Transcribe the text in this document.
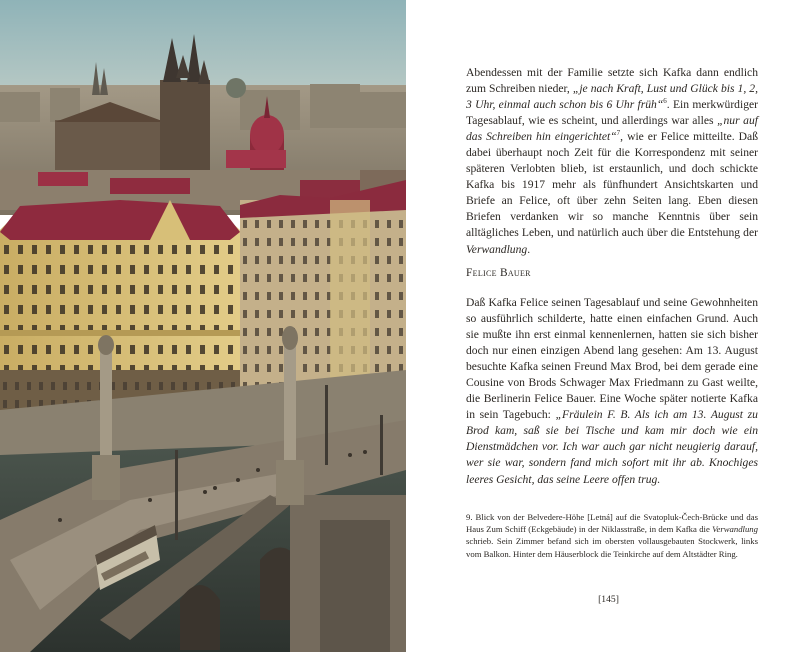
Abendessen mit der Familie setzte sich Kafka dann endlich zum Schreiben nieder, „je nach Kraft, Lust und Glück bis 1, 2, 3 Uhr, einmal auch schon bis 6 Uhr früh“$^6$. Ein merkwürdiger Tagesablauf, wie es scheint, und allerdings war alles „nur auf das Schreiben hin eingerichtet“$^7$, wie er Felice mitteilte. Daß dabei überhaupt noch Zeit für die Korrespondenz mit seiner späteren Verlobten blieb, ist erstaunlich, und doch schickte Kafka bis 1917 mehr als fünfhundert Ansichtskarten und Briefe an Felice, oft über zehn Seiten lang. Eben diesen Briefen verdanken wir so manche Kenntnis über sein alltägliches Leben, und natürlich auch über die Entstehung der Verwandlung.

Felice Bauer

Daß Kafka Felice seinen Tagesablauf und seine Gewohnheiten so ausführlich schilderte, hatte einen einfachen Grund. Auch sie mußte ihn erst einmal kennenlernen, hatten sie sich bisher doch nur einen einzigen Abend lang gesehen: Am 13. August besuchte Kafka seinen Freund Max Brod, bei dem gerade eine Cousine von Brods Schwager Max Friedmann zu Gast weilte, die Berlinerin Felice Bauer. Eine Woche später notierte Kafka in sein Tagebuch: „Fräulein F. B. Als ich am 13. August zu Brod kam, saß sie bei Tische und kam mir doch wie ein Dienstmädchen vor. Ich war auch gar nicht neugierig darauf, wer sie war, sondern fand mich sofort mit ihr ab. Knochiges leeres Gesicht, das seine Leere offen trug.

9. Blick von der Belvedere-Höhe [Letná] auf die Svatopluk-Čech-Brücke und das Haus Zum Schiff (Eckgebäude) in der Niklasstraße, in dem Kafka die Verwandlung schrieb. Sein Zimmer befand sich im obersten vollausgebauten Stockwerk, links vom Balkon. Hinter dem Häuserblock die Teinkirche auf dem Altstädter Ring.

[145]
